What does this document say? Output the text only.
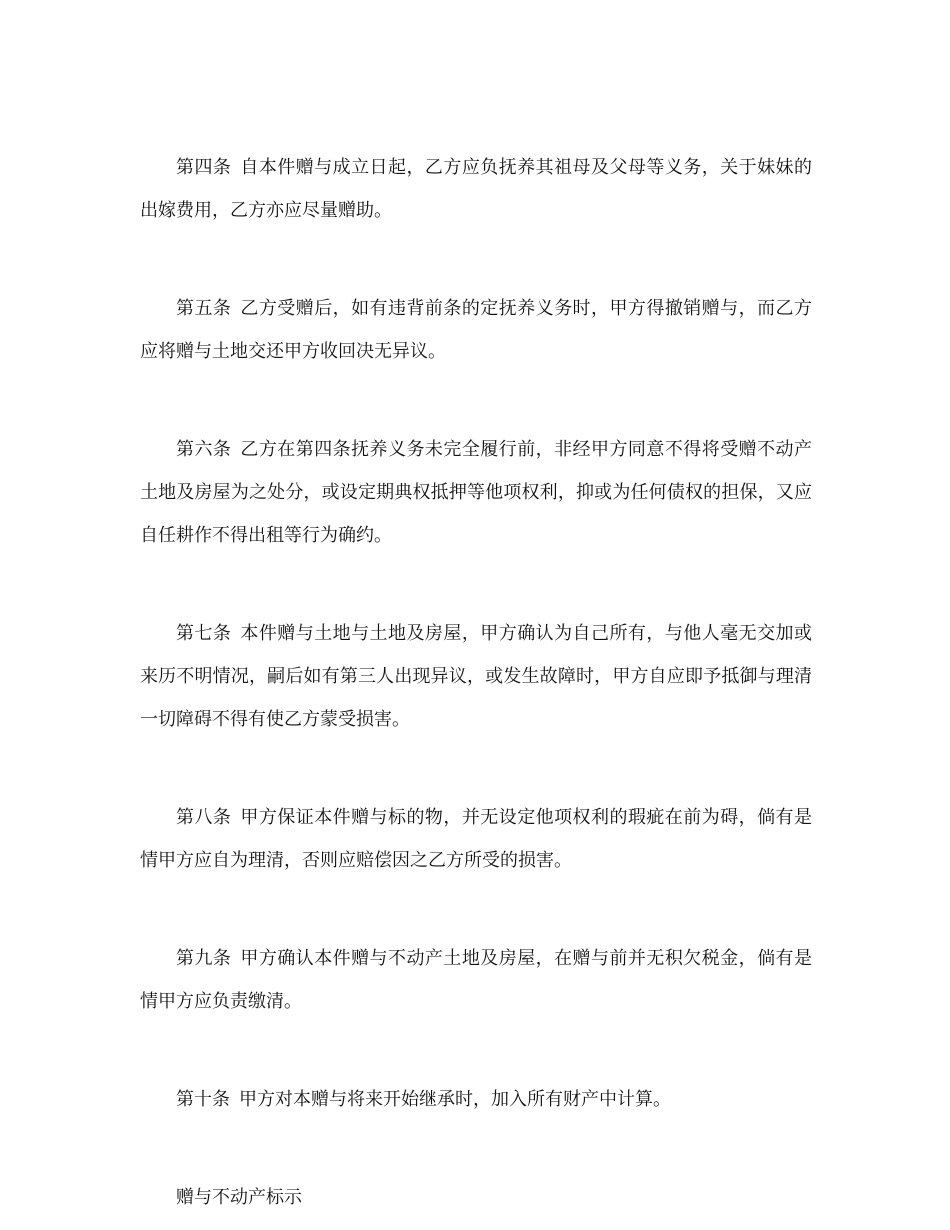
第四条 自本件赠与成立日起，乙方应负抚养其祖母及父母等义务，关于妹妹的出嫁费用，乙方亦应尽量赠助。

第五条 乙方受赠后，如有违背前条的定抚养义务时，甲方得撤销赠与，而乙方应将赠与土地交还甲方收回决无异议。

第六条 乙方在第四条抚养义务未完全履行前，非经甲方同意不得将受赠不动产土地及房屋为之处分，或设定期典权抵押等他项权利，抑或为任何债权的担保，又应自任耕作不得出租等行为确约。

第七条 本件赠与土地与土地及房屋，甲方确认为自己所有，与他人毫无交加或来历不明情况，嗣后如有第三人出现异议，或发生故障时，甲方自应即予抵御与理清一切障碍不得有使乙方蒙受损害。

第八条 甲方保证本件赠与标的物，并无设定他项权利的瑕疵在前为碍，倘有是情甲方应自为理清，否则应赔偿因之乙方所受的损害。

第九条 甲方确认本件赠与不动产土地及房屋，在赠与前并无积欠税金，倘有是情甲方应负责缴清。

第十条 甲方对本赠与将来开始继承时，加入所有财产中计算。

赠与不动产标示
